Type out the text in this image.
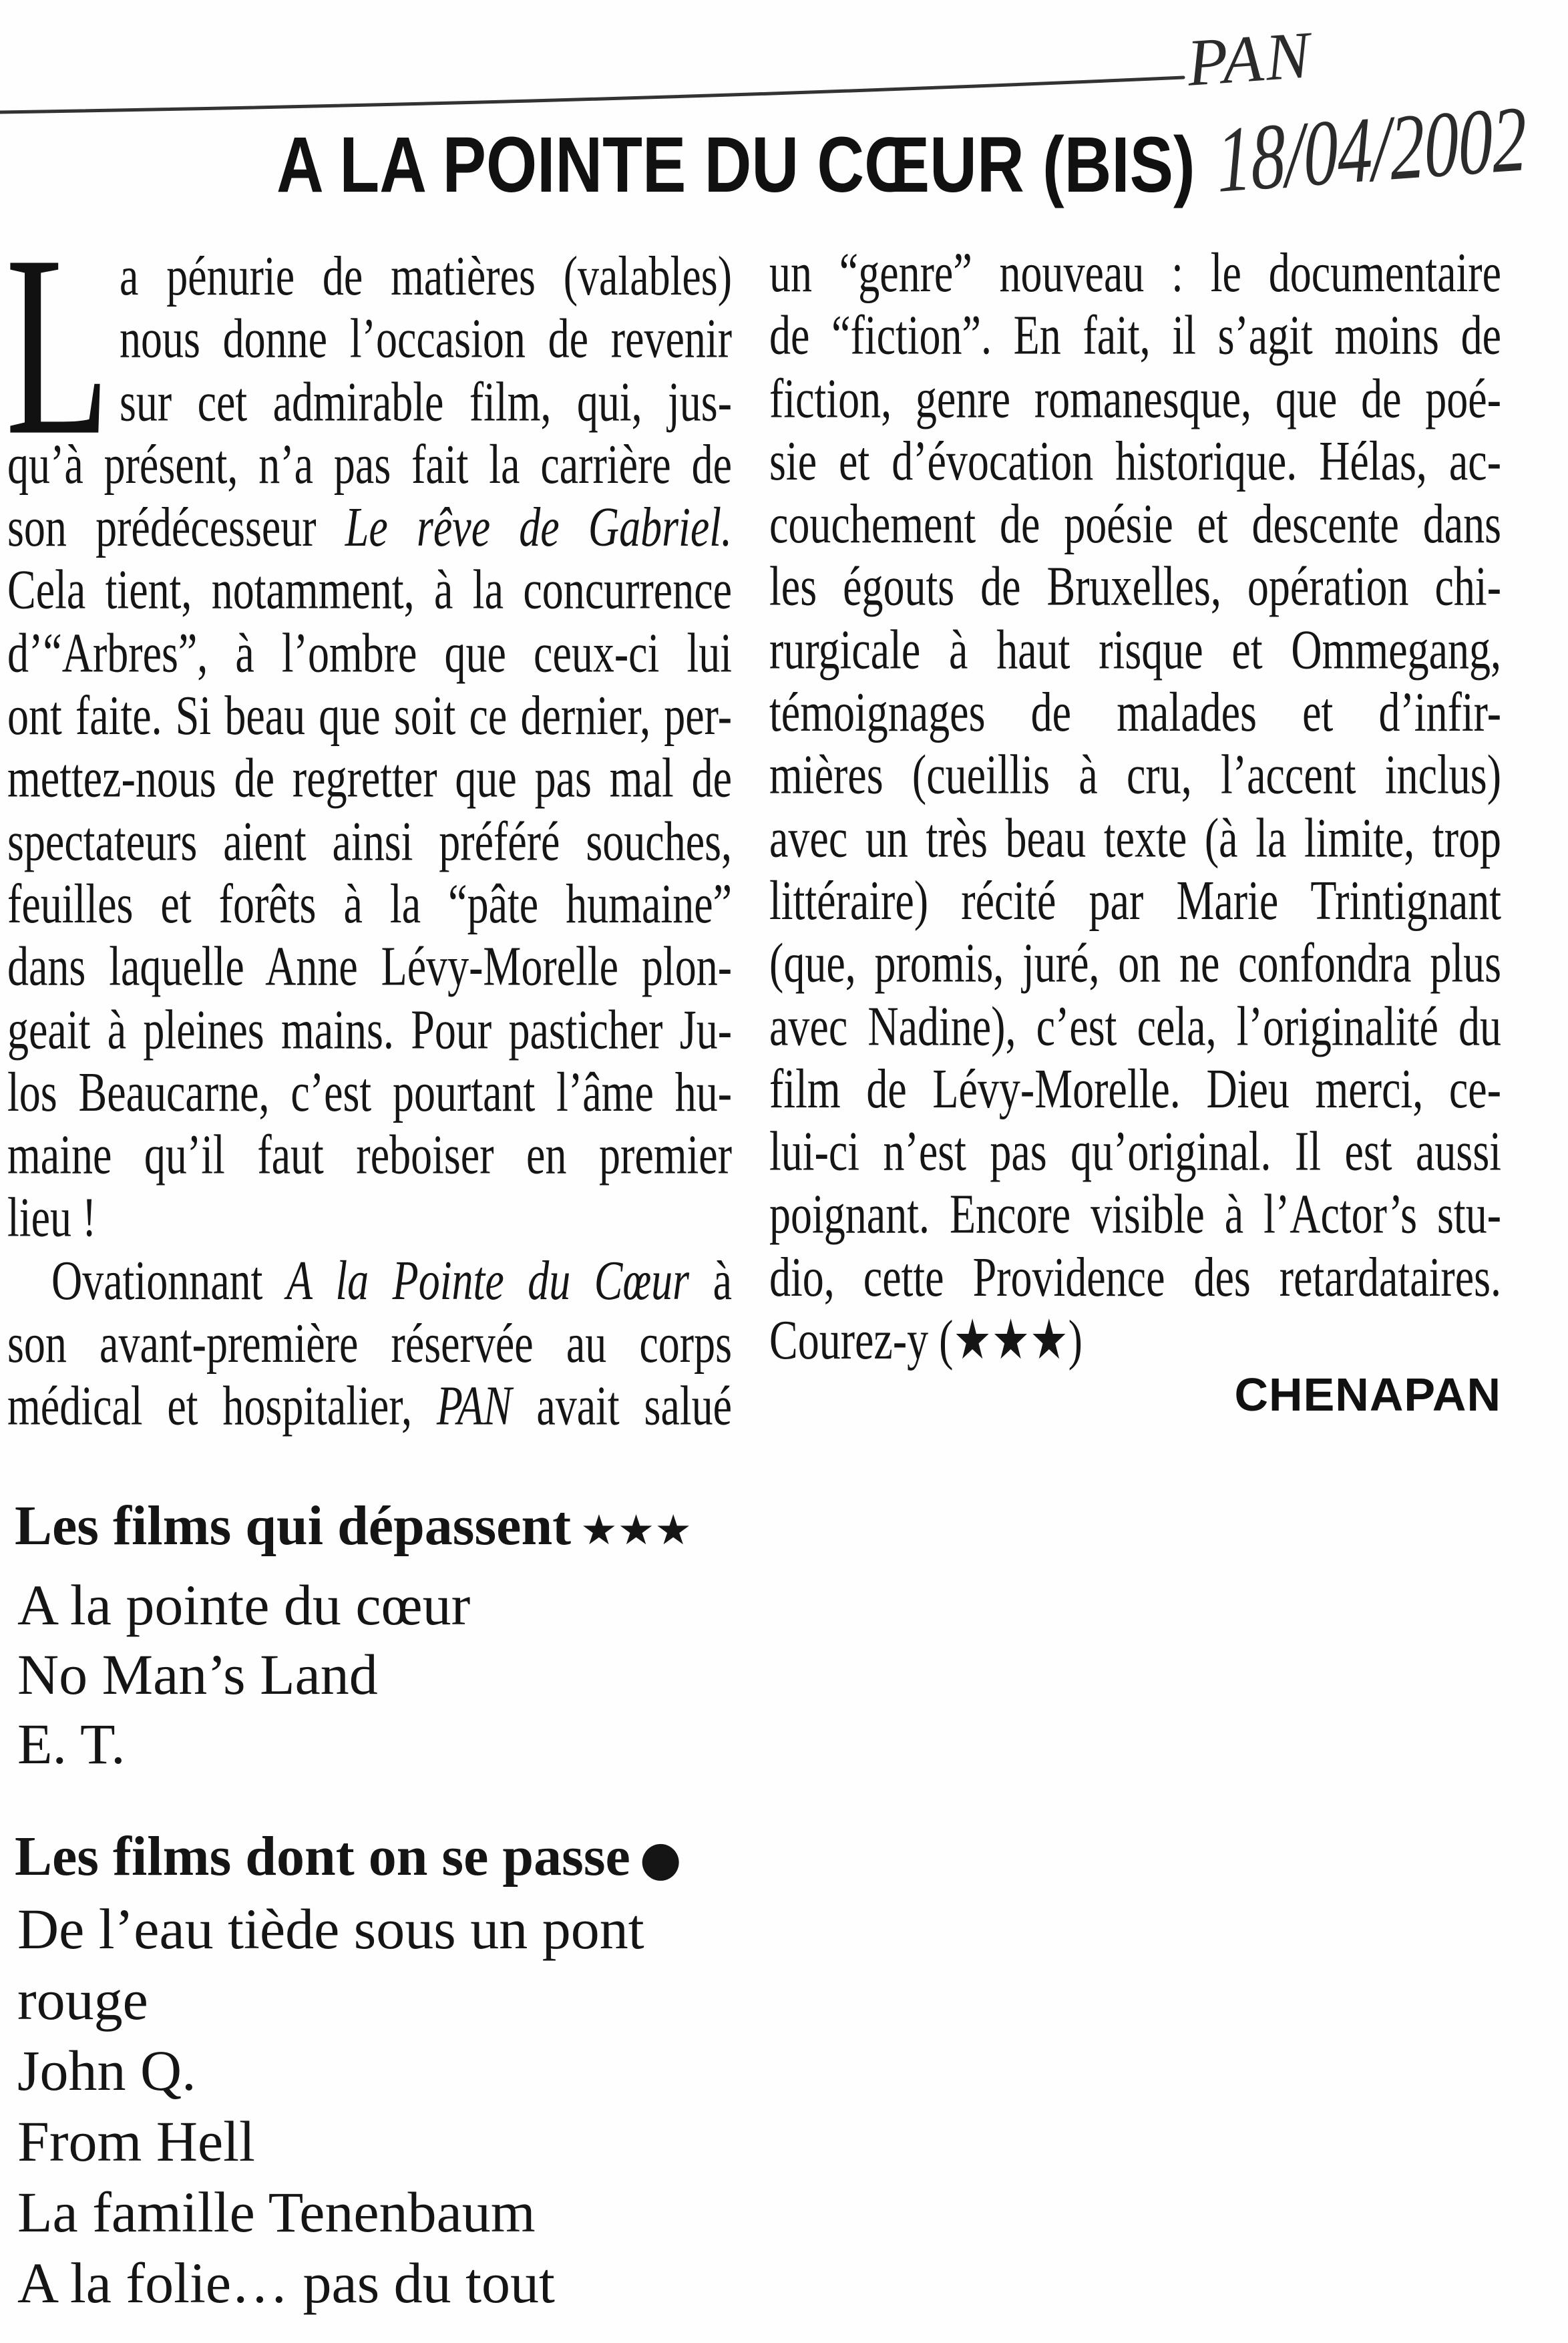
PAN
18/04/2002
A LA POINTE DU CŒUR (BIS)
L a pénurie de matières (valables)
nous donne l’occasion de revenir
sur cet admirable film, qui, jus-
qu’à présent, n’a pas fait la carrière de
son prédécesseur Le rêve de Gabriel.
Cela tient, notamment, à la concurrence
d’“Arbres”, à l’ombre que ceux-ci lui
ont faite. Si beau que soit ce dernier, per-
mettez-nous de regretter que pas mal de
spectateurs aient ainsi préféré souches,
feuilles et forêts à la “pâte humaine”
dans laquelle Anne Lévy-Morelle plon-
geait à pleines mains. Pour pasticher Ju-
los Beaucarne, c’est pourtant l’âme hu-
maine qu’il faut reboiser en premier
lieu !
Ovationnant A la Pointe du Cœur à
son avant-première réservée au corps
médical et hospitalier, PAN avait salué
un “genre” nouveau : le documentaire
de “fiction”. En fait, il s’agit moins de
fiction, genre romanesque, que de poé-
sie et d’évocation historique. Hélas, ac-
couchement de poésie et descente dans
les égouts de Bruxelles, opération chi-
rurgicale à haut risque et Ommegang,
témoignages de malades et d’infir-
mières (cueillis à cru, l’accent inclus)
avec un très beau texte (à la limite, trop
littéraire) récité par Marie Trintignant
(que, promis, juré, on ne confondra plus
avec Nadine), c’est cela, l’originalité du
film de Lévy-Morelle. Dieu merci, ce-
lui-ci n’est pas qu’original. Il est aussi
poignant. Encore visible à l’Actor’s stu-
dio, cette Providence des retardataires.
Courez-y (★★★)
CHENAPAN
Les films qui dépassent ★★★
A la pointe du cœur
No Man’s Land
E. T.
Les films dont on se passe ●
De l’eau tiède sous un pont
rouge
John Q.
From Hell
La famille Tenenbaum
A la folie… pas du tout
